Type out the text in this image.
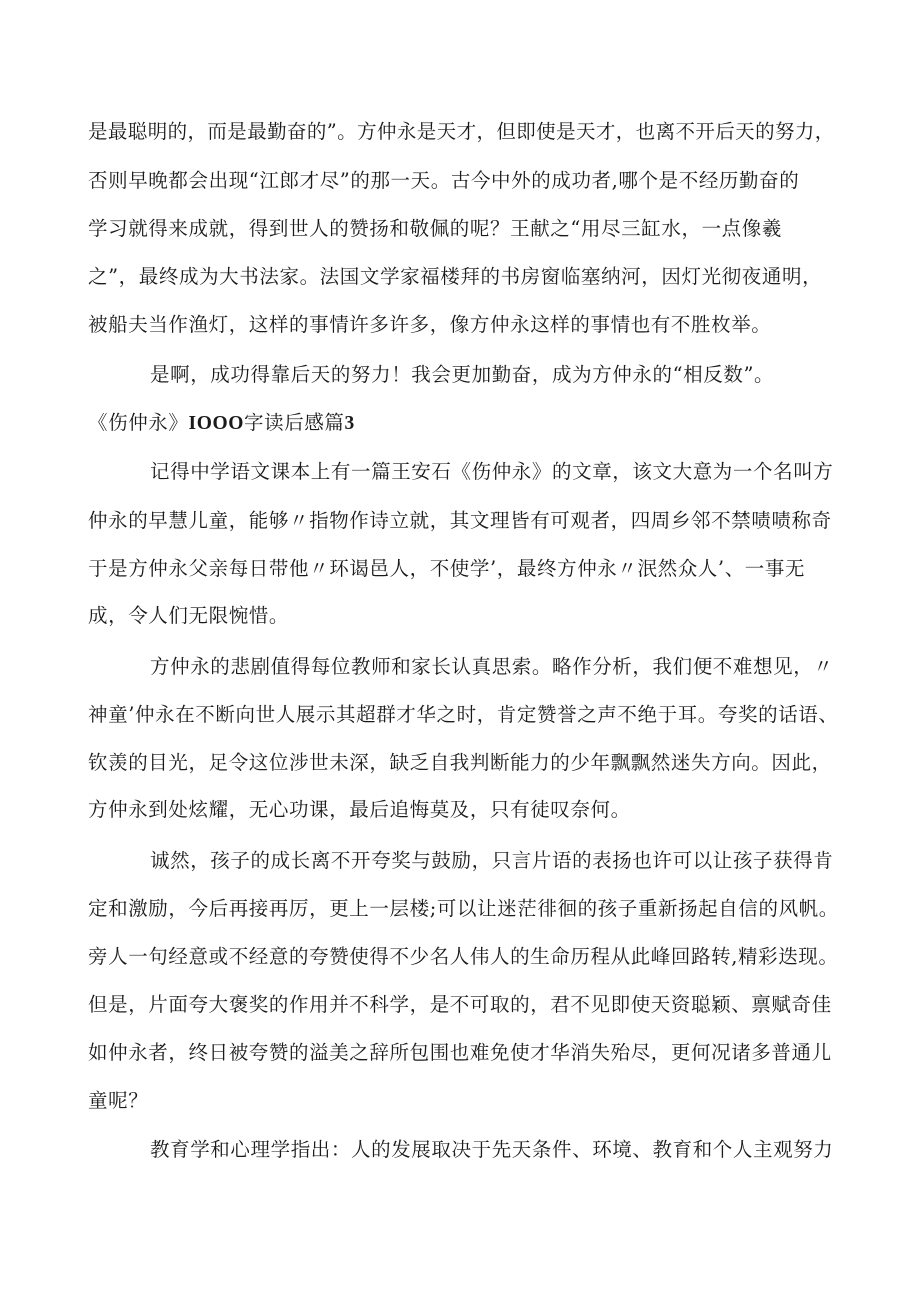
是最聪明的，而是最勤奋的”。方仲永是天才，但即使是天才，也离不开后天的努力，

否则早晚都会出现“江郎才尽”的那一天。古今中外的成功者,哪个是不经历勤奋的

学习就得来成就，得到世人的赞扬和敬佩的呢？王献之“用尽三缸水，一点像羲

之”，最终成为大书法家。法国文学家福楼拜的书房窗临塞纳河，因灯光彻夜通明，

被船夫当作渔灯，这样的事情许多许多，像方仲永这样的事情也有不胜枚举。

是啊，成功得靠后天的努力！我会更加勤奋，成为方仲永的“相反数”。

《伤仲永》IOOO字读后感篇3

记得中学语文课本上有一篇王安石《伤仲永》的文章，该文大意为一个名叫方

仲永的早慧儿童，能够〃指物作诗立就，其文理皆有可观者，四周乡邻不禁啧啧称奇

于是方仲永父亲每日带他〃环谒邑人，不使学’，最终方仲永〃泯然众人’、一事无

成，令人们无限惋惜。

方仲永的悲剧值得每位教师和家长认真思索。略作分析，我们便不难想见，〃

神童’仲永在不断向世人展示其超群才华之时，肯定赞誉之声不绝于耳。夸奖的话语、

钦羡的目光，足令这位涉世未深，缺乏自我判断能力的少年飘飘然迷失方向。因此，

方仲永到处炫耀，无心功课，最后追悔莫及，只有徒叹奈何。

诚然，孩子的成长离不开夸奖与鼓励，只言片语的表扬也许可以让孩子获得肯

定和激励，今后再接再厉，更上一层楼;可以让迷茫徘徊的孩子重新扬起自信的风帆。

旁人一句经意或不经意的夸赞使得不少名人伟人的生命历程从此峰回路转,精彩迭现。

但是，片面夸大褒奖的作用并不科学，是不可取的，君不见即使天资聪颖、禀赋奇佳

如仲永者，终日被夸赞的溢美之辞所包围也难免使才华消失殆尽，更何况诸多普通儿

童呢？

教育学和心理学指出：人的发展取决于先天条件、环境、教育和个人主观努力
